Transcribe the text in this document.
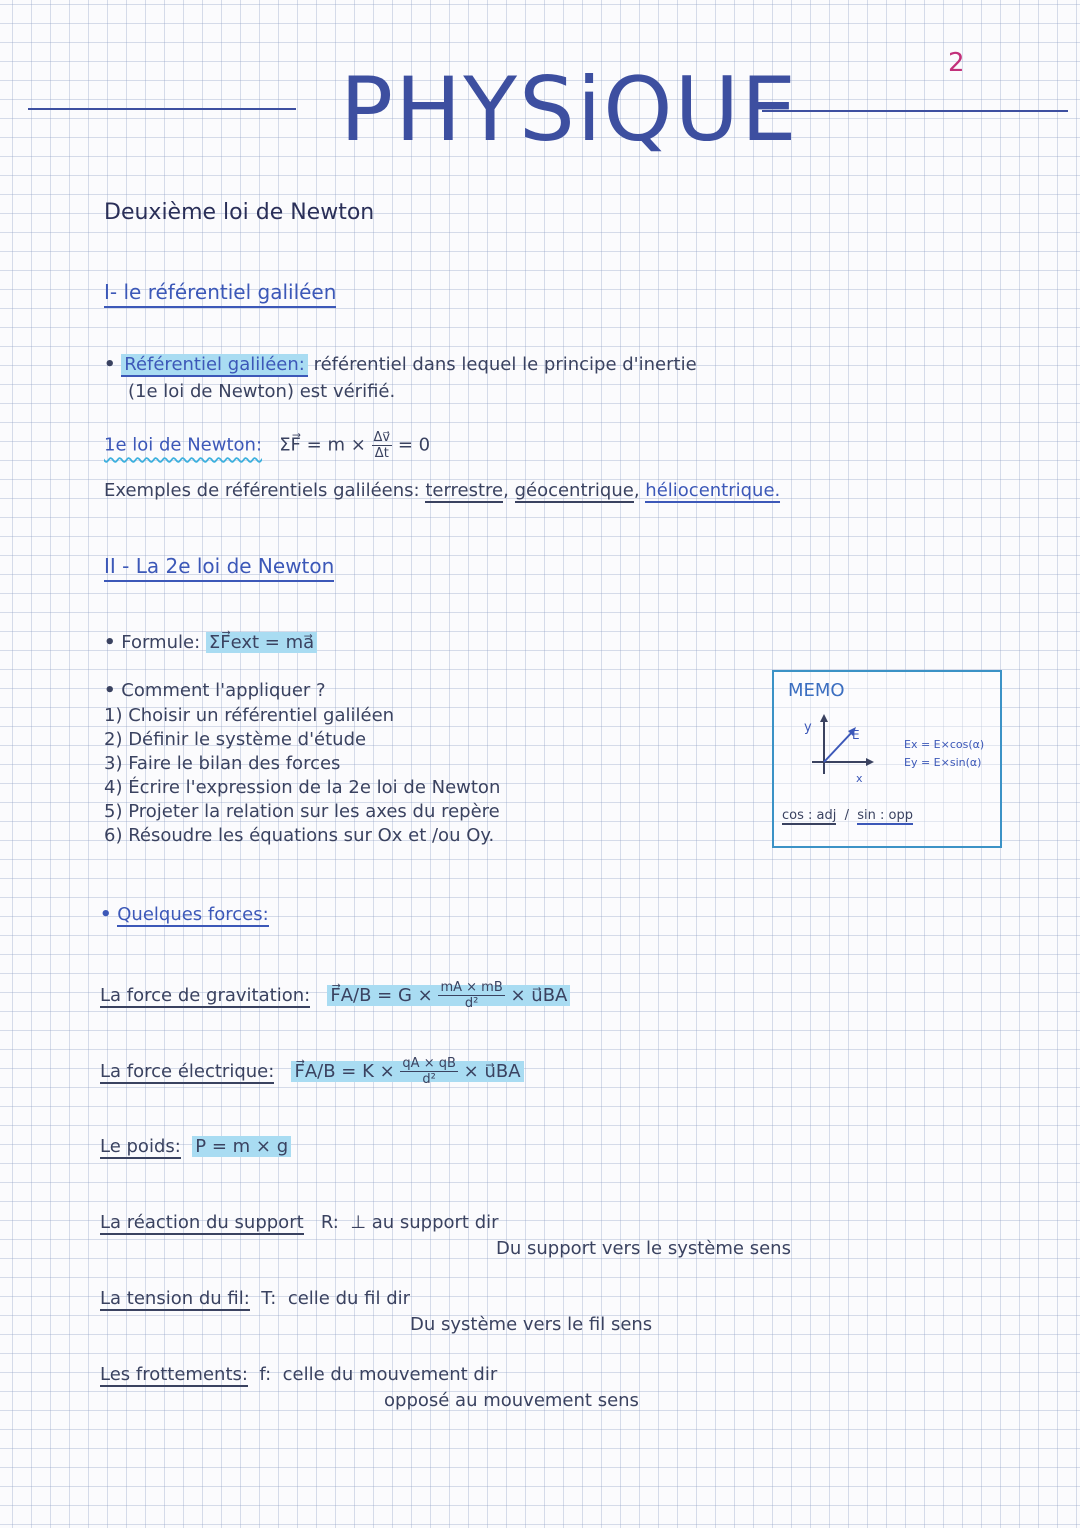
PHYSiQUE	2
Deuxième loi de Newton
I- le référentiel galiléen
• Référentiel galiléen: référentiel dans lequel le principe d'inertie
(1e loi de Newton) est vérifié.
1e loi de Newton: ΣF⃗ = $m \times \frac{\Delta v⃗}{\Delta t} = 0$
Exemples de référentiels galiléens: terrestre, géocentrique, héliocentrique.
II - La 2e loi de Newton
• Formule: ΣF⃗ext = ma⃗
• Comment l'appliquer ?
1) Choisir un référentiel galiléen
2) Définir le système d'étude
3) Faire le bilan des forces
4) Écrire l'expression de la 2e loi de Newton
5) Projeter la relation sur les axes du repère
6) Résoudre les équations sur Ox et /ou Oy.
MEMO
y
x
E
Ex = E×cos(α)
Ey = E×sin(α)
cos : adj  /  sin : opp
• Quelques forces:
La force de gravitation: F⃗A/B = $G \times \frac{mA \times mB}{\text{d²}}$ × u⃗BA
La force électrique: F⃗A/B = $K \times \frac{qA \times qB}{\text{d²}}$ × u⃗BA
Le poids: P = m × g
La réaction du support R: ⊥ au support dir
Du support vers le système sens
La tension du fil: T: celle du fil dir
Du système vers le fil sens
Les frottements: f: celle du mouvement dir
opposé au mouvement sens
